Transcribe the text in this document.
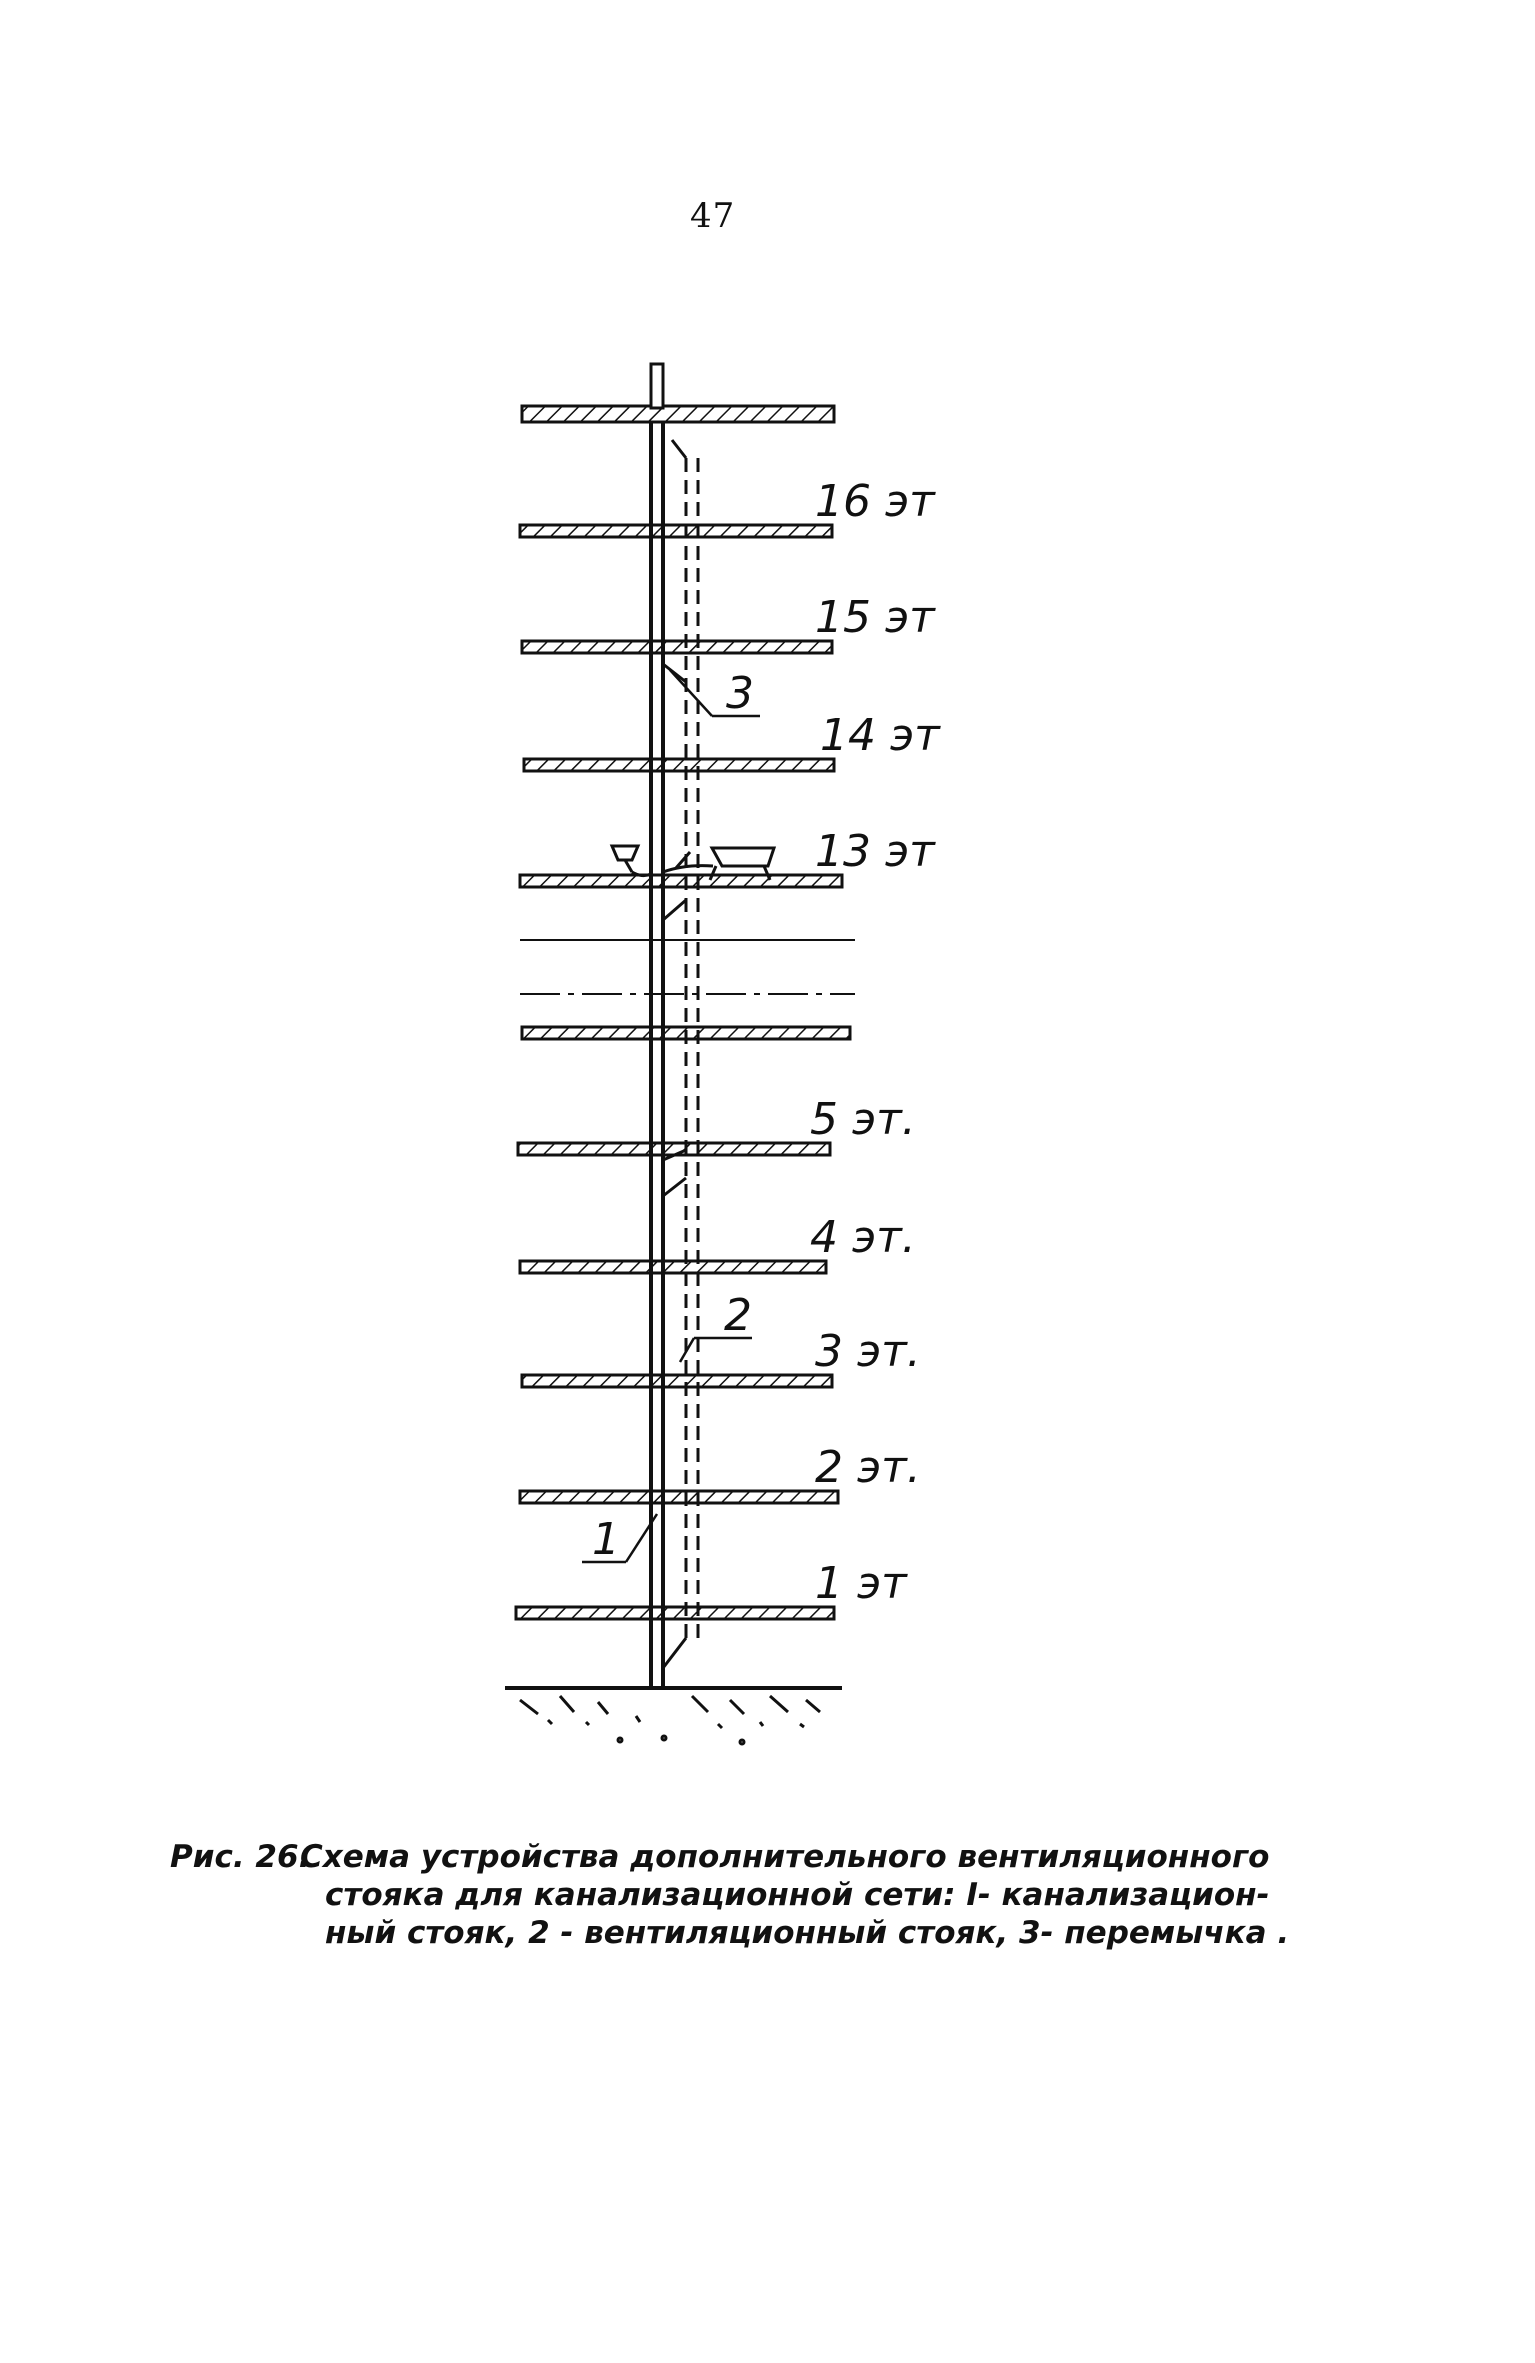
47
16 эт
15 эт
14 эт
13 эт
5 эт.
4 эт.
3 эт.
2 эт.
1 эт
3
2
1
Рис. 26.Схема устройства дополнительного вентиляционного
стояка для канализационной сети: I- канализацион-
ный стояк, 2 - вентиляционный стояк, 3- перемычка .
